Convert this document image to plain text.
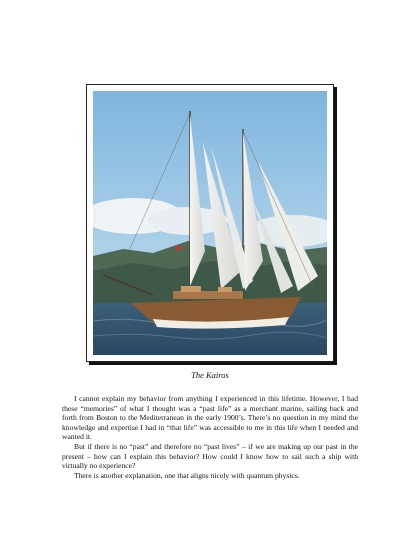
The Kairos

I cannot explain my behavior from anything I experienced in this lifetime. However, I had these “memories” of what I thought was a “past life” as a merchant marine, sailing back and forth from Boston to the Mediterranean in the early 1900’s. There’s no question in my mind the knowledge and expertise I had in “that life” was accessible to me in this life when I needed and wanted it.

But if there is no “past” and therefore no “past lives” – if we are making up our past in the present – how can I explain this behavior? How could I know how to sail such a ship with virtually no experience?

There is another explanation, one that aligns nicely with quantum physics.
